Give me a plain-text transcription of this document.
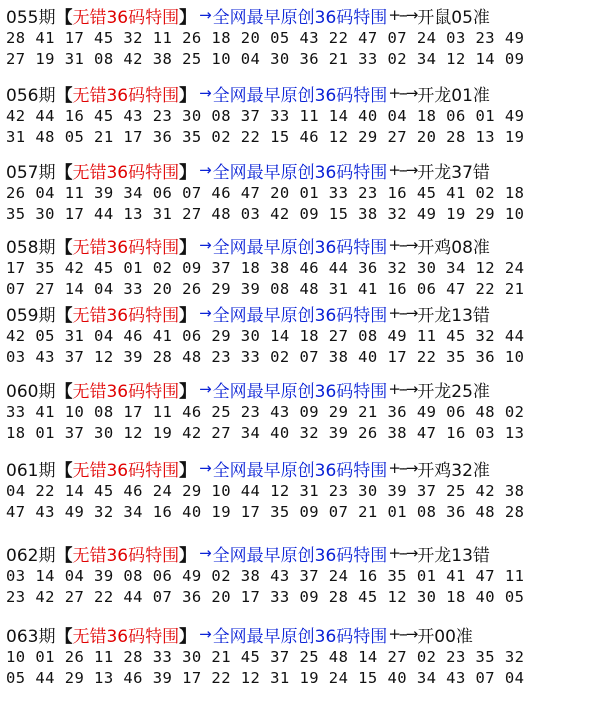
055期 【 无错36码特围 】 → 全网最早原创36码特围 +--→ 开鼠05准
28 41 17 45 32 11 26 18 20 05 43 22 47 07 24 03 23 49
27 19 31 08 42 38 25 10 04 30 36 21 33 02 34 12 14 09
056期 【 无错36码特围 】 → 全网最早原创36码特围 +--→ 开龙01准
42 44 16 45 43 23 30 08 37 33 11 14 40 04 18 06 01 49
31 48 05 21 17 36 35 02 22 15 46 12 29 27 20 28 13 19
057期 【 无错36码特围 】 → 全网最早原创36码特围 +--→ 开龙37错
26 04 11 39 34 06 07 46 47 20 01 33 23 16 45 41 02 18
35 30 17 44 13 31 27 48 03 42 09 15 38 32 49 19 29 10
058期 【 无错36码特围 】 → 全网最早原创36码特围 +--→ 开鸡08准
17 35 42 45 01 02 09 37 18 38 46 44 36 32 30 34 12 24
07 27 14 04 33 20 26 29 39 08 48 31 41 16 06 47 22 21
059期 【 无错36码特围 】 → 全网最早原创36码特围 +--→ 开龙13错
42 05 31 04 46 41 06 29 30 14 18 27 08 49 11 45 32 44
03 43 37 12 39 28 48 23 33 02 07 38 40 17 22 35 36 10
060期 【 无错36码特围 】 → 全网最早原创36码特围 +--→ 开龙25准
33 41 10 08 17 11 46 25 23 43 09 29 21 36 49 06 48 02
18 01 37 30 12 19 42 27 34 40 32 39 26 38 47 16 03 13
061期 【 无错36码特围 】 → 全网最早原创36码特围 +--→ 开鸡32准
04 22 14 45 46 24 29 10 44 12 31 23 30 39 37 25 42 38
47 43 49 32 34 16 40 19 17 35 09 07 21 01 08 36 48 28
062期 【 无错36码特围 】 → 全网最早原创36码特围 +--→ 开龙13错
03 14 04 39 08 06 49 02 38 43 37 24 16 35 01 41 47 11
23 42 27 22 44 07 36 20 17 33 09 28 45 12 30 18 40 05
063期 【 无错36码特围 】 → 全网最早原创36码特围 +--→ 开00准
10 01 26 11 28 33 30 21 45 37 25 48 14 27 02 23 35 32
05 44 29 13 46 39 17 22 12 31 19 24 15 40 34 43 07 04
